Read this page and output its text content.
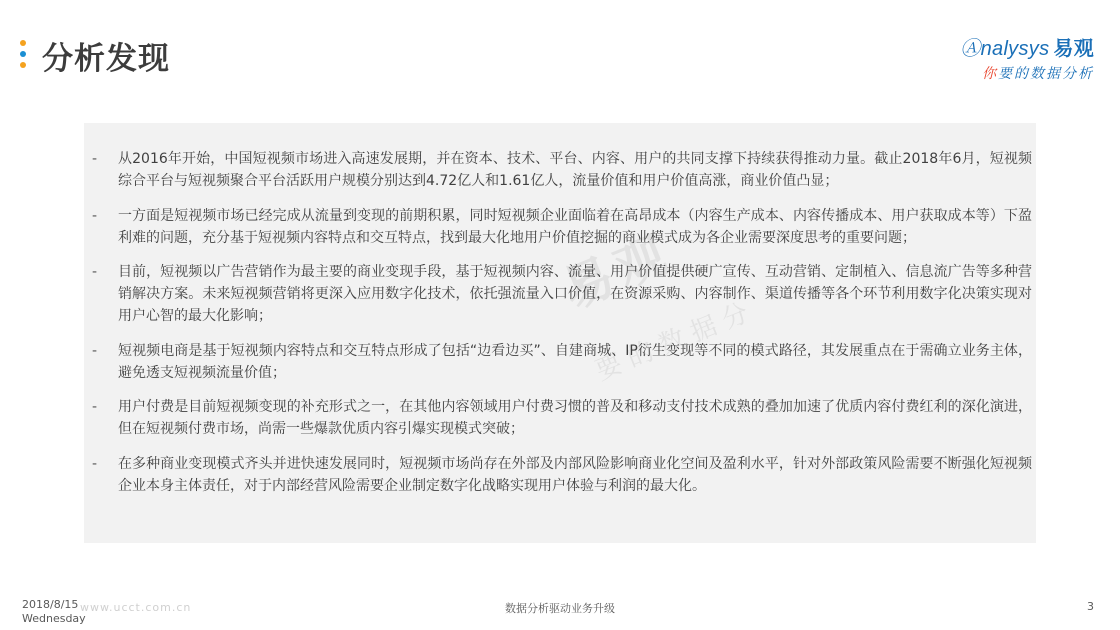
分析发现	Ⓐnalysys 易观
你要的数据分析
易观
要的数据分
-	从2016年开始，中国短视频市场进入高速发展期，并在资本、技术、平台、内容、用户的共同支撑下持续获得推动力量。截止2018年6月，短视频综合平台与短视频聚合平台活跃用户规模分别达到4.72亿人和1.61亿人，流量价值和用户价值高涨，商业价值凸显；
-	一方面是短视频市场已经完成从流量到变现的前期积累，同时短视频企业面临着在高昂成本（内容生产成本、内容传播成本、用户获取成本等）下盈利难的问题，充分基于短视频内容特点和交互特点，找到最大化地用户价值挖掘的商业模式成为各企业需要深度思考的重要问题；
-	目前，短视频以广告营销作为最主要的商业变现手段，基于短视频内容、流量、用户价值提供硬广宣传、互动营销、定制植入、信息流广告等多种营销解决方案。未来短视频营销将更深入应用数字化技术，依托强流量入口价值，在资源采购、内容制作、渠道传播等各个环节利用数字化决策实现对用户心智的最大化影响；
-	短视频电商是基于短视频内容特点和交互特点形成了包括“边看边买”、自建商城、IP衍生变现等不同的模式路径，其发展重点在于需确立业务主体，避免透支短视频流量价值；
-	用户付费是目前短视频变现的补充形式之一，在其他内容领域用户付费习惯的普及和移动支付技术成熟的叠加加速了优质内容付费红利的深化演进，但在短视频付费市场，尚需一些爆款优质内容引爆实现模式突破；
-	在多种商业变现模式齐头并进快速发展同时，短视频市场尚存在外部及内部风险影响商业化空间及盈利水平，针对外部政策风险需要不断强化短视频企业本身主体责任，对于内部经营风险需要企业制定数字化战略实现用户体验与利润的最大化。
2018/8/15
Wednesday
www.ucct.com.cn	数据分析驱动业务升级	3
